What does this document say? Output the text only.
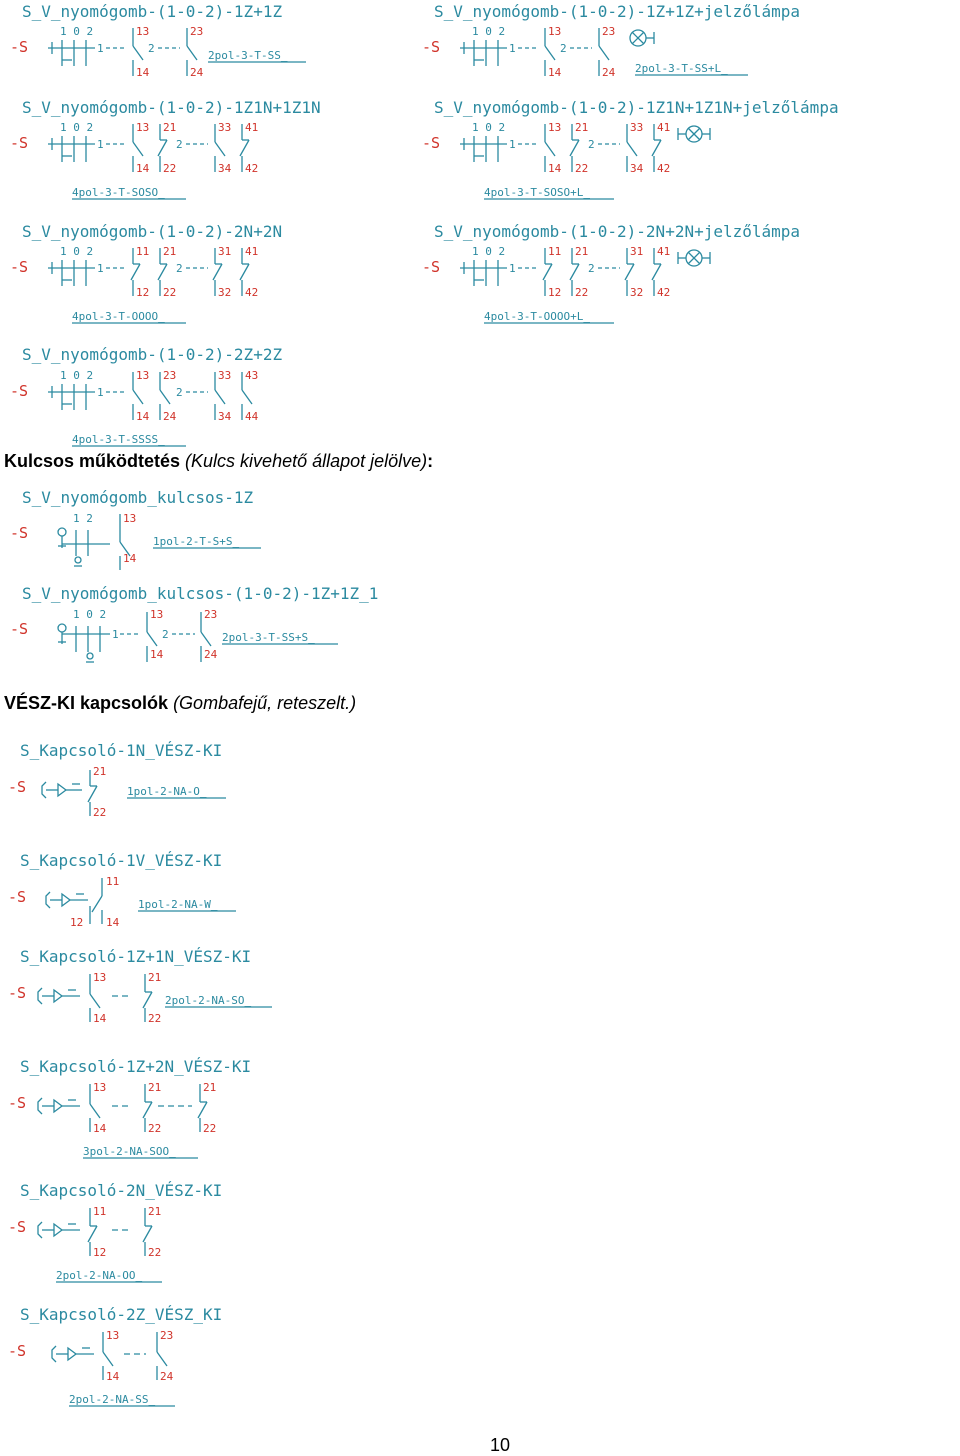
S_V_nyomógomb-(1-0-2)-1Z+1Z
-S
1 0 2
1	2
13	23
14	24
2pol-3-T-SS_
S_V_nyomógomb-(1-0-2)-1Z+1Z+jelzőlámpa
-S
1 0 2
1	2
13	23
14	24 2pol-3-T-SS+L_
S_V_nyomógomb-(1-0-2)-1Z1N+1Z1N
-S
1 0 2
1	2
13 21	33 41
14 22	34 42
4pol-3-T-SOSO_
S_V_nyomógomb-(1-0-2)-1Z1N+1Z1N+jelzőlámpa
-S
1 0 2
1	2
13 21	33 41
14 22	34 42
4pol-3-T-SOSO+L_
S_V_nyomógomb-(1-0-2)-2N+2N
-S
1 0 2
1	2
11 21	31 41
12 22	32 42
4pol-3-T-OOOO_
S_V_nyomógomb-(1-0-2)-2N+2N+jelzőlámpa
-S
1 0 2
1	2
11 21	31 41
12 22	32 42
4pol-3-T-OOOO+L_
S_V_nyomógomb-(1-0-2)-2Z+2Z
-S
1 0 2
1	2
13 23	33 43
14 24	34 44
4pol-3-T-SSSS_
S_V_nyomógomb_kulcsos-1Z
-S
1 2	13
14
1pol-2-T-S+S_
S_V_nyomógomb_kulcsos-(1-0-2)-1Z+1Z_1
-S
1 0 2
1	2
13	23
14	24
2pol-3-T-SS+S_
S_Kapcsoló-1N_VÉSZ-KI
-S
21
22
1pol-2-NA-O_
S_Kapcsoló-1V_VÉSZ-KI
-S
11
12 14
1pol-2-NA-W_
S_Kapcsoló-1Z+1N_VÉSZ-KI
-S
13	21
14	22
2pol-2-NA-SO_
S_Kapcsoló-1Z+2N_VÉSZ-KI
-S
13	21	21
14	22	22
3pol-2-NA-SOO_
S_Kapcsoló-2N_VÉSZ-KI
-S
11	21
12	22
2pol-2-NA-OO_
S_Kapcsoló-2Z_VÉSZ_KI
-S
13	23
14	24
2pol-2-NA-SS_
Kulcsos működtetés (Kulcs kivehető állapot jelölve):
VÉSZ-KI kapcsolók (Gombafejű, reteszelt.)
10
